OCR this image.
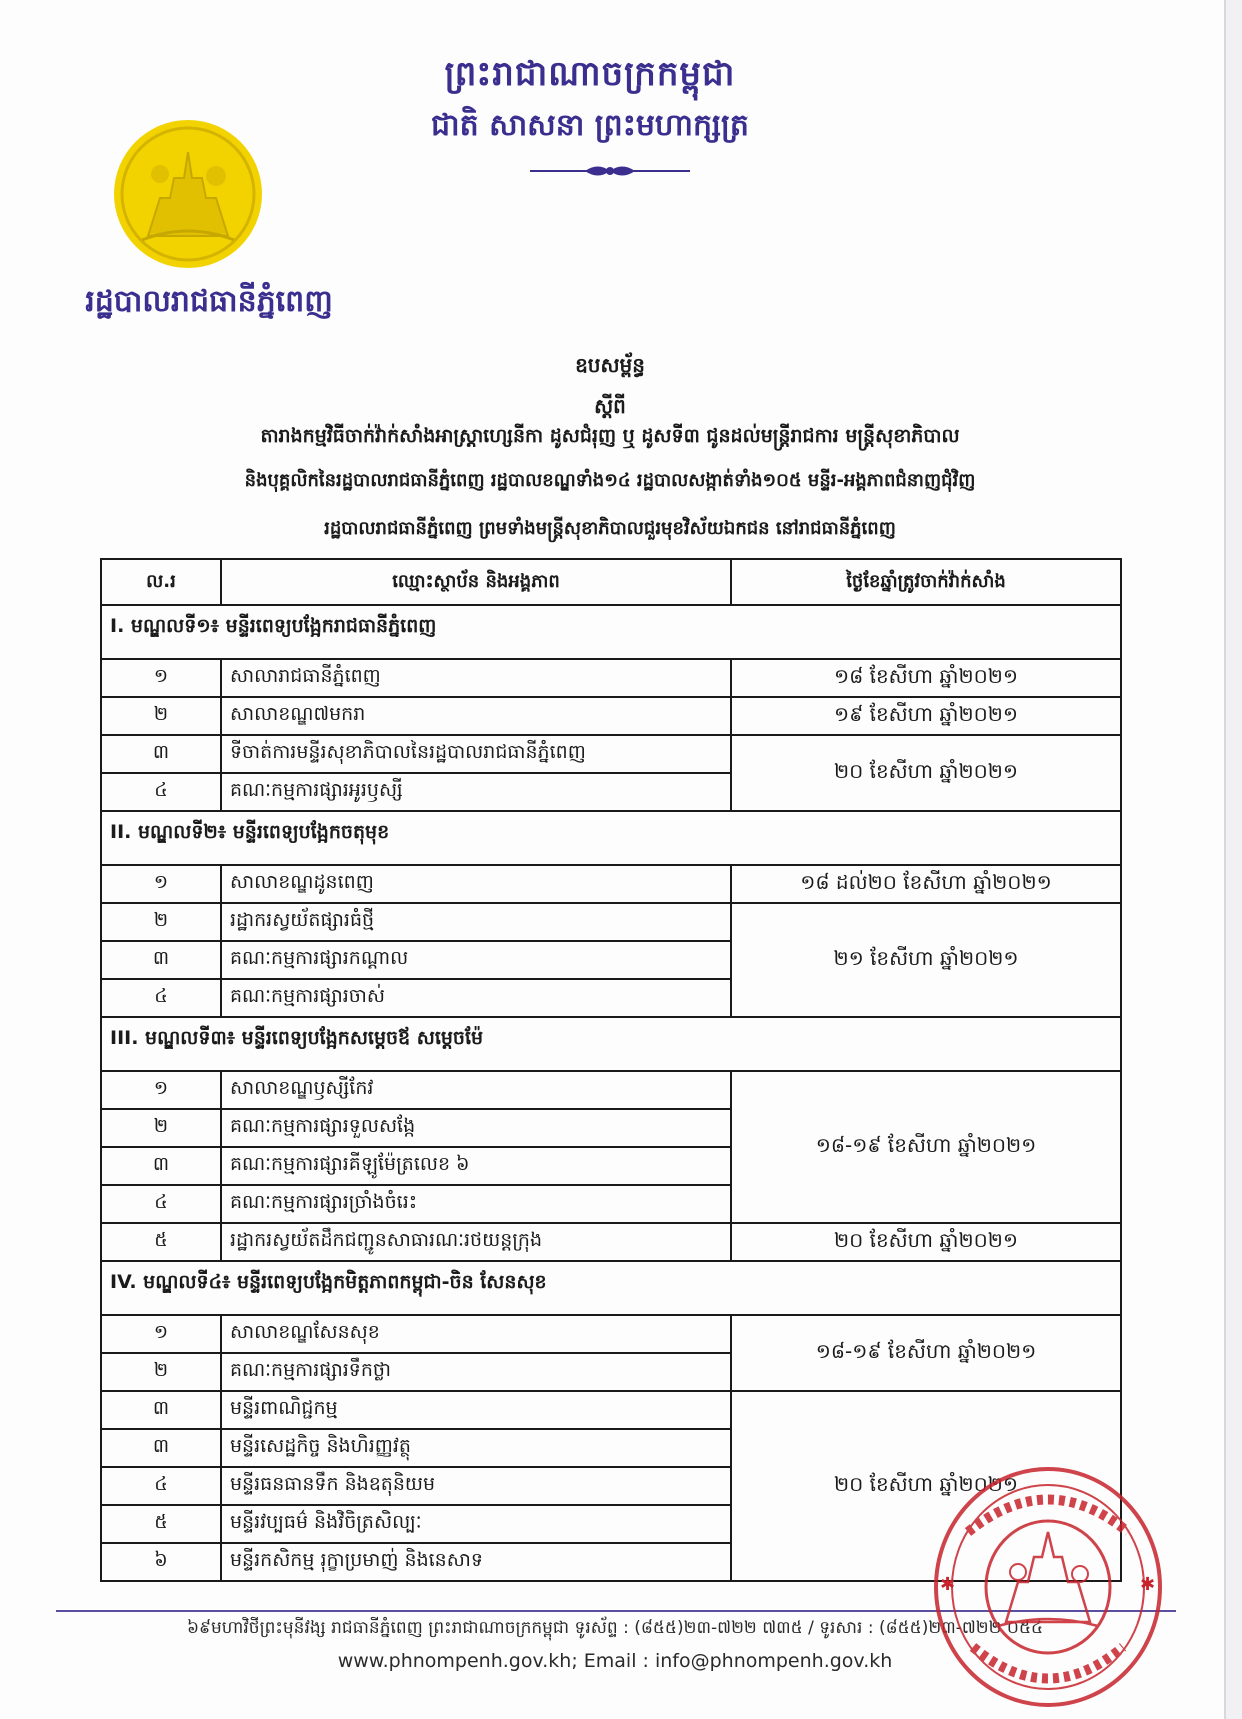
ព្រះរាជាណាចក្រកម្ពុជា
ជាតិ សាសនា ព្រះមហាក្សត្រ
រដ្ឋបាលរាជធានីភ្នំពេញ
ឧបសម្ព័ន្ធ
ស្តីពី
តារាងកម្មវិធីចាក់វ៉ាក់សាំងអាស្ត្រាហ្សេនីកា ដូសជំរុញ ឬ ដូសទី៣ ជូនដល់មន្ត្រីរាជការ មន្ត្រីសុខាភិបាល
និងបុគ្គលិកនៃរដ្ឋបាលរាជធានីភ្នំពេញ រដ្ឋបាលខណ្ឌទាំង១៤ រដ្ឋបាលសង្កាត់ទាំង១០៥ មន្ទីរ-អង្គភាពជំនាញជុំវិញ
រដ្ឋបាលរាជធានីភ្នំពេញ ព្រមទាំងមន្ត្រីសុខាភិបាលជួរមុខវិស័យឯកជន នៅរាជធានីភ្នំពេញ
ល.រ	ឈ្មោះស្ថាប័ន និងអង្គភាព	ថ្ងៃខែឆ្នាំត្រូវចាក់វ៉ាក់សាំង
I. មណ្ឌលទី១៖ មន្ទីរពេទ្យបង្អែករាជធានីភ្នំពេញ		

១	សាលារាជធានីភ្នំពេញ	១៨ ខែសីហា ឆ្នាំ២០២១
២	សាលាខណ្ឌ៧មករា	១៩ ខែសីហា ឆ្នាំ២០២១
៣	ទីចាត់ការមន្ទីរសុខាភិបាលនៃរដ្ឋបាលរាជធានីភ្នំពេញ	២០ ខែសីហា ឆ្នាំ២០២១
៤	គណៈកម្មការផ្សារអូរឫស្សី	
II. មណ្ឌលទី២៖ មន្ទីរពេទ្យបង្អែកចតុមុខ		

១	សាលាខណ្ឌដូនពេញ	១៨ ដល់២០ ខែសីហា ឆ្នាំ២០២១
២	រដ្ឋាករស្វយ័តផ្សារធំថ្មី	២១ ខែសីហា ឆ្នាំ២០២១
៣	គណៈកម្មការផ្សារកណ្ដាល	
៤	គណៈកម្មការផ្សារចាស់	
III. មណ្ឌលទី៣៖ មន្ទីរពេទ្យបង្អែកសម្ដេចឪ សម្ដេចម៉ែ		

១	សាលាខណ្ឌឫស្សីកែវ	១៨-១៩ ខែសីហា ឆ្នាំ២០២១
២	គណៈកម្មការផ្សារទួលសង្កែ	
៣	គណៈកម្មការផ្សារគីឡូម៉ែត្រលេខ ៦	
៤	គណៈកម្មការផ្សារច្រាំងចំរេះ	
៥	រដ្ឋាករស្វយ័តដឹកជញ្ជូនសាធារណៈរថយន្តក្រុង	២០ ខែសីហា ឆ្នាំ២០២១
IV. មណ្ឌលទី៤៖ មន្ទីរពេទ្យបង្អែកមិត្តភាពកម្ពុជា-ចិន សែនសុខ		

១	សាលាខណ្ឌសែនសុខ	១៨-១៩ ខែសីហា ឆ្នាំ២០២១
២	គណៈកម្មការផ្សារទឹកថ្លា	
៣	មន្ទីរពាណិជ្ជកម្ម	២០ ខែសីហា ឆ្នាំ២០២១
៣	មន្ទីរសេដ្ឋកិច្ច និងហិរញ្ញវត្ថុ	
៤	មន្ទីរធនធានទឹក និងឧតុនិយម	
៥	មន្ទីរវប្បធម៌ និងវិចិត្រសិល្បៈ	
៦	មន្ទីរកសិកម្ម រុក្ខាប្រមាញ់ និងនេសាទ	
៦៩មហាវិថីព្រះមុនីវង្ស រាជធានីភ្នំពេញ ព្រះរាជាណាចក្រកម្ពុជា ទូរស័ព្ទ : (៨៥៥)២៣-៧២២ ៧៣៥ / ទូរសារ : (៨៥៥)២៣-៧២២ ០៥៤
www.phnompenh.gov.kh; Email : info@phnompenh.gov.kh
✱	✱
